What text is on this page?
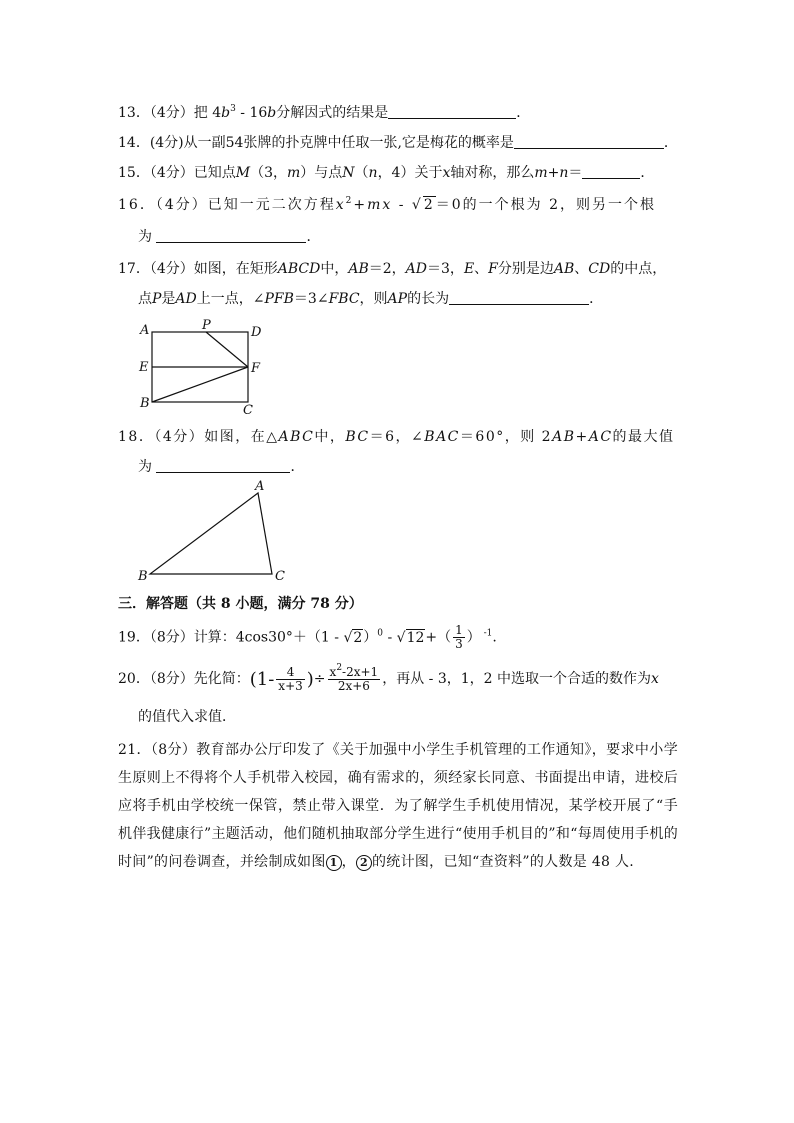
13．（4分）把 $4b^3 - 16b$分解因式的结果是	．
14．(4分)从一副54张牌的扑克牌中任取一张,它是梅花的概率是	．
15．（4分）已知点M（3，m）与点N（n，4）关于x轴对称，那么m+n＝	．
16．（4分）已知一元二次方程$x^2+mx - √2=0$的一个根为 2，则另一个根
为	．
17．（4分）如图，在矩形ABCD中，AB＝2，AD＝3，E、F分别是边AB、CD的中点，
点P是AD上一点，∠PFB＝3∠FBC，则AP的长为	．
A	P	D
E	F
B	C
18．（4分）如图，在△ABC中，BC＝6，∠BAC＝60°，则 2AB+AC的最大值
为	．
A
B	C
三．解答题（共 8 小题，满分 78 分）
19．（8分）计算：$4\cos 30^\circ+(1 - √2)^0 - √12+( \frac{1}{3}$ ） $^{-1}$.
20．（8分）先化简：($1- \frac{4}{x+3}$ )÷ $\frac{x^2-2x+1}{2x+6}$ ，再从 - 3，1，2 中选取一个合适的数作为x
的值代入求值．
21．（8分）教育部办公厅印发了《关于加强中小学生手机管理的工作通知》，要求中小学生原则上不得将个人手机带入校园，确有需求的，须经家长同意、书面提出申请，进校后应将手机由学校统一保管，禁止带入课堂．为了解学生手机使用情况，某学校开展了“手机伴我健康行”主题活动，他们随机抽取部分学生进行“使用手机目的”和“每周使用手机的时间”的问卷调查，并绘制成如图 1 ， 2 的统计图，已知“查资料”的人数是 48 人.
